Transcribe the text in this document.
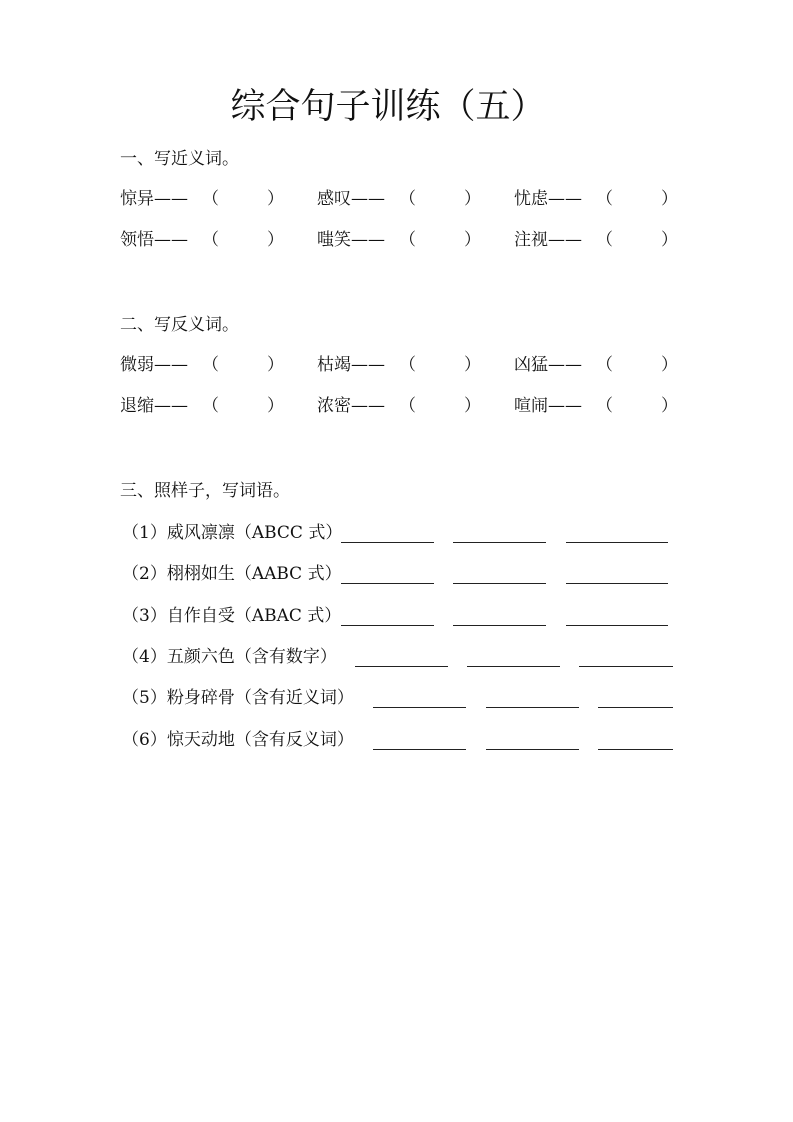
综合句子训练（五）
一、写近义词。
惊异 —— （	） 感叹 —— （	） 忧虑 —— （	）
领悟 —— （	） 嗤笑 —— （	） 注视 —— （	）
二、写反义词。
微弱 —— （	） 枯竭 —— （	） 凶猛 —— （	）
退缩 —— （	） 浓密 —— （	） 喧闹 —— （	）
三、照样子，写词语。
（1）威风凛凛（ABCC 式）
（2）栩栩如生（AABC 式）
（3）自作自受（ABAC 式）
（4）五颜六色（含有数字）
（5）粉身碎骨（含有近义词）
（6）惊天动地（含有反义词）
